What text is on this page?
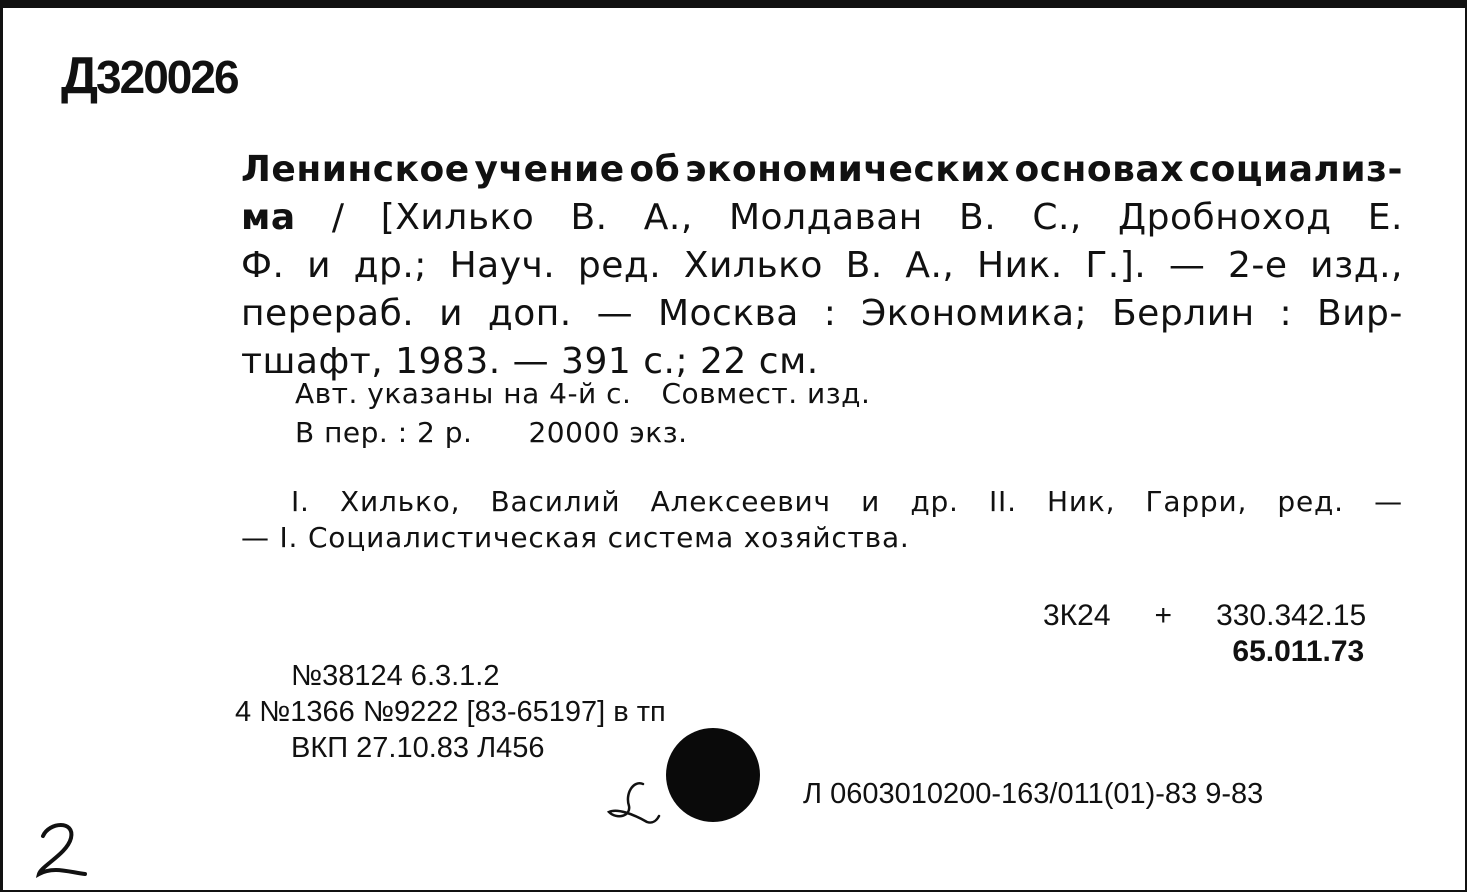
Д320026
Ленинское учение об экономических основах социализ-
ма / [Хилько В. А., Молдаван В. С., Дробноход Е.
Ф. и др.; Науч. ред. Хилько В. А., Ник. Г.]. — 2-е изд.,
перераб. и доп. — Москва : Экономика; Берлин : Вир-
тшафт, 1983. — 391 с.; 22 см.
Авт. указаны на 4-й с. Совмест. изд.
В пер. : 2 р. 20000 экз.
I. Хилько, Василий Алексеевич и др. II. Ник, Гарри, ред. —
— I. Социалистическая система хозяйства.
3К24 + 330.342.15
65.011.73
№38124 6.3.1.2
4 №1366 №9222 [83-65197] в тп
ВКП 27.10.83 Л456
Л 0603010200-163/011(01)-83 9-83
